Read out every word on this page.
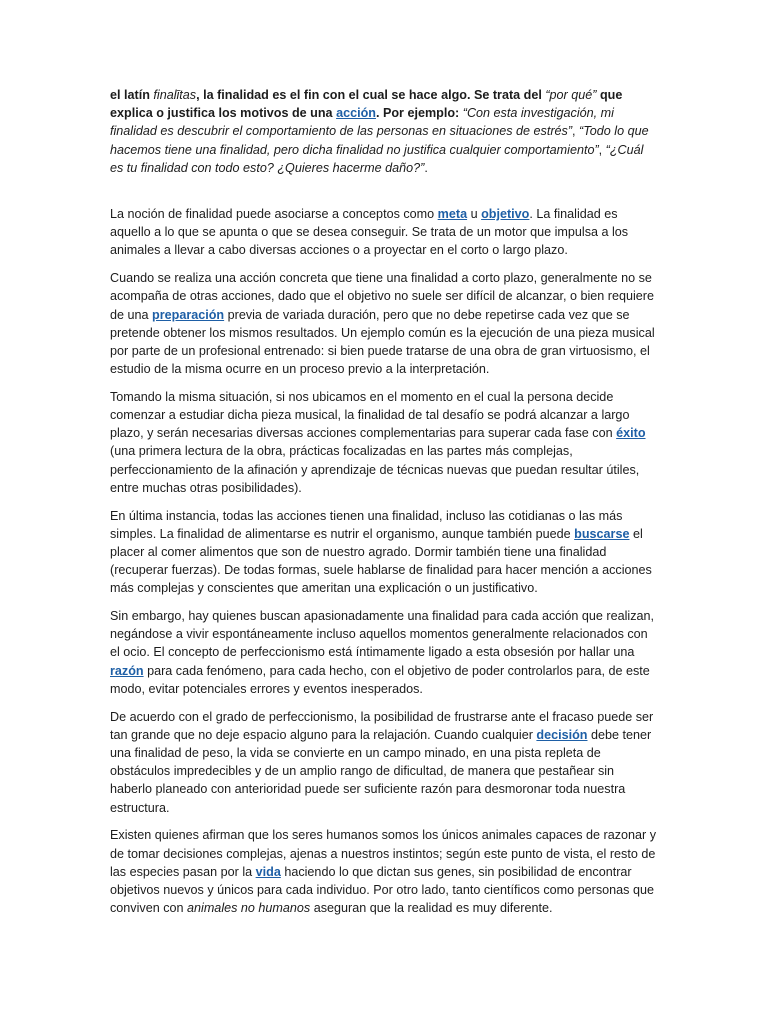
el latín finalītas, la finalidad es el fin con el cual se hace algo. Se trata del “por qué” que explica o justifica los motivos de una acción. Por ejemplo: “Con esta investigación, mi finalidad es descubrir el comportamiento de las personas en situaciones de estrés”, “Todo lo que hacemos tiene una finalidad, pero dicha finalidad no justifica cualquier comportamiento”, “¿Cuál es tu finalidad con todo esto? ¿Quieres hacerme daño?”.

La noción de finalidad puede asociarse a conceptos como meta u objetivo. La finalidad es aquello a lo que se apunta o que se desea conseguir. Se trata de un motor que impulsa a los animales a llevar a cabo diversas acciones o a proyectar en el corto o largo plazo.

Cuando se realiza una acción concreta que tiene una finalidad a corto plazo, generalmente no se acompaña de otras acciones, dado que el objetivo no suele ser difícil de alcanzar, o bien requiere de una preparación previa de variada duración, pero que no debe repetirse cada vez que se pretende obtener los mismos resultados. Un ejemplo común es la ejecución de una pieza musical por parte de un profesional entrenado: si bien puede tratarse de una obra de gran virtuosismo, el estudio de la misma ocurre en un proceso previo a la interpretación.

Tomando la misma situación, si nos ubicamos en el momento en el cual la persona decide comenzar a estudiar dicha pieza musical, la finalidad de tal desafío se podrá alcanzar a largo plazo, y serán necesarias diversas acciones complementarias para superar cada fase con éxito (una primera lectura de la obra, prácticas focalizadas en las partes más complejas, perfeccionamiento de la afinación y aprendizaje de técnicas nuevas que puedan resultar útiles, entre muchas otras posibilidades).

En última instancia, todas las acciones tienen una finalidad, incluso las cotidianas o las más simples. La finalidad de alimentarse es nutrir el organismo, aunque también puede buscarse el placer al comer alimentos que son de nuestro agrado. Dormir también tiene una finalidad (recuperar fuerzas). De todas formas, suele hablarse de finalidad para hacer mención a acciones más complejas y conscientes que ameritan una explicación o un justificativo.

Sin embargo, hay quienes buscan apasionadamente una finalidad para cada acción que realizan, negándose a vivir espontáneamente incluso aquellos momentos generalmente relacionados con el ocio. El concepto de perfeccionismo está íntimamente ligado a esta obsesión por hallar una razón para cada fenómeno, para cada hecho, con el objetivo de poder controlarlos para, de este modo, evitar potenciales errores y eventos inesperados.

De acuerdo con el grado de perfeccionismo, la posibilidad de frustrarse ante el fracaso puede ser tan grande que no deje espacio alguno para la relajación. Cuando cualquier decisión debe tener una finalidad de peso, la vida se convierte en un campo minado, en una pista repleta de obstáculos impredecibles y de un amplio rango de dificultad, de manera que pestañear sin haberlo planeado con anterioridad puede ser suficiente razón para desmoronar toda nuestra estructura.

Existen quienes afirman que los seres humanos somos los únicos animales capaces de razonar y de tomar decisiones complejas, ajenas a nuestros instintos; según este punto de vista, el resto de las especies pasan por la vida haciendo lo que dictan sus genes, sin posibilidad de encontrar objetivos nuevos y únicos para cada individuo. Por otro lado, tanto científicos como personas que conviven con animales no humanos aseguran que la realidad es muy diferente.
